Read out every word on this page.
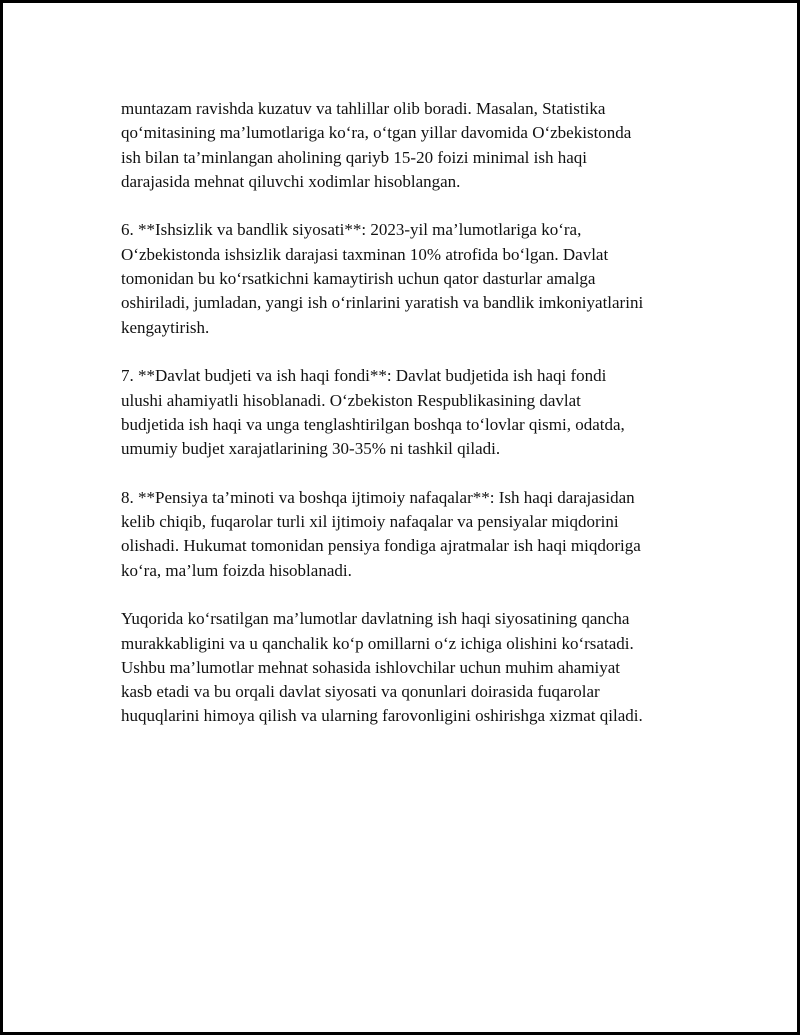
muntazam ravishda kuzatuv va tahlillar olib boradi. Masalan, Statistika
qo‘mitasining ma’lumotlariga ko‘ra, o‘tgan yillar davomida O‘zbekistonda
ish bilan ta’minlangan aholining qariyb 15-20 foizi minimal ish haqi
darajasida mehnat qiluvchi xodimlar hisoblangan.

6. **Ishsizlik va bandlik siyosati**: 2023-yil ma’lumotlariga ko‘ra,
O‘zbekistonda ishsizlik darajasi taxminan 10% atrofida bo‘lgan. Davlat
tomonidan bu ko‘rsatkichni kamaytirish uchun qator dasturlar amalga
oshiriladi, jumladan, yangi ish o‘rinlarini yaratish va bandlik imkoniyatlarini
kengaytirish.

7. **Davlat budjeti va ish haqi fondi**: Davlat budjetida ish haqi fondi
ulushi ahamiyatli hisoblanadi. O‘zbekiston Respublikasining davlat
budjetida ish haqi va unga tenglashtirilgan boshqa to‘lovlar qismi, odatda,
umumiy budjet xarajatlarining 30-35% ni tashkil qiladi.

8. **Pensiya ta’minoti va boshqa ijtimoiy nafaqalar**: Ish haqi darajasidan
kelib chiqib, fuqarolar turli xil ijtimoiy nafaqalar va pensiyalar miqdorini
olishadi. Hukumat tomonidan pensiya fondiga ajratmalar ish haqi miqdoriga
ko‘ra, ma’lum foizda hisoblanadi.

Yuqorida ko‘rsatilgan ma’lumotlar davlatning ish haqi siyosatining qancha
murakkabligini va u qanchalik ko‘p omillarni o‘z ichiga olishini ko‘rsatadi.
Ushbu ma’lumotlar mehnat sohasida ishlovchilar uchun muhim ahamiyat
kasb etadi va bu orqali davlat siyosati va qonunlari doirasida fuqarolar
huquqlarini himoya qilish va ularning farovonligini oshirishga xizmat qiladi.
